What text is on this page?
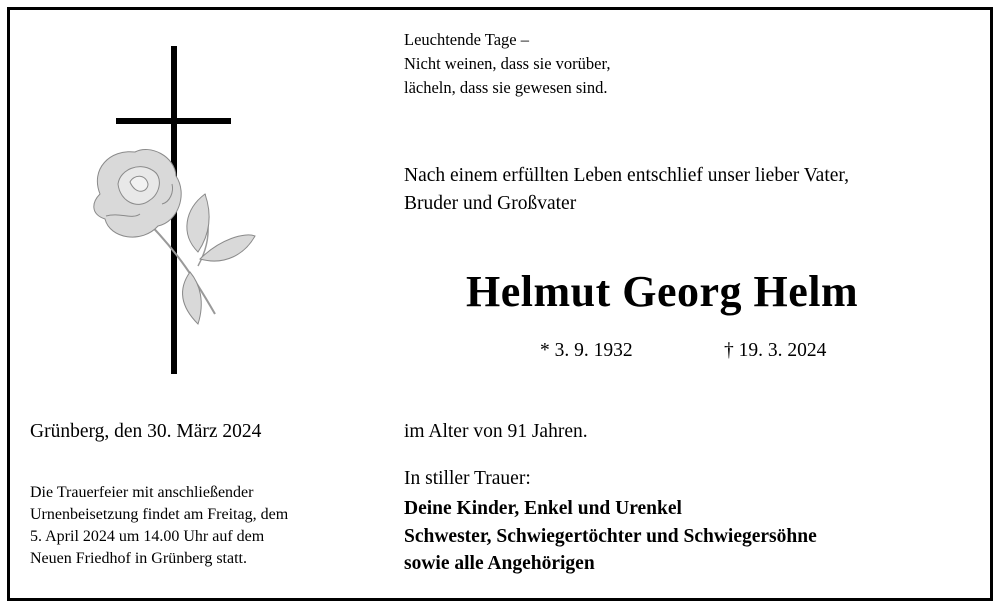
Leuchtende Tage –
Nicht weinen, dass sie vorüber,
lächeln, dass sie gewesen sind.
Nach einem erfüllten Leben entschlief unser lieber Vater,
Bruder und Großvater
Helmut Georg Helm
* 3. 9. 1932	† 19. 3. 2024
Grünberg, den 30. März 2024	im Alter von 91 Jahren.
Die Trauerfeier mit anschließender
Urnenbeisetzung findet am Freitag, dem
5. April 2024 um 14.00 Uhr auf dem
Neuen Friedhof in Grünberg statt.
In stiller Trauer:
Deine Kinder, Enkel und Urenkel
Schwester, Schwiegertöchter und Schwiegersöhne
sowie alle Angehörigen
